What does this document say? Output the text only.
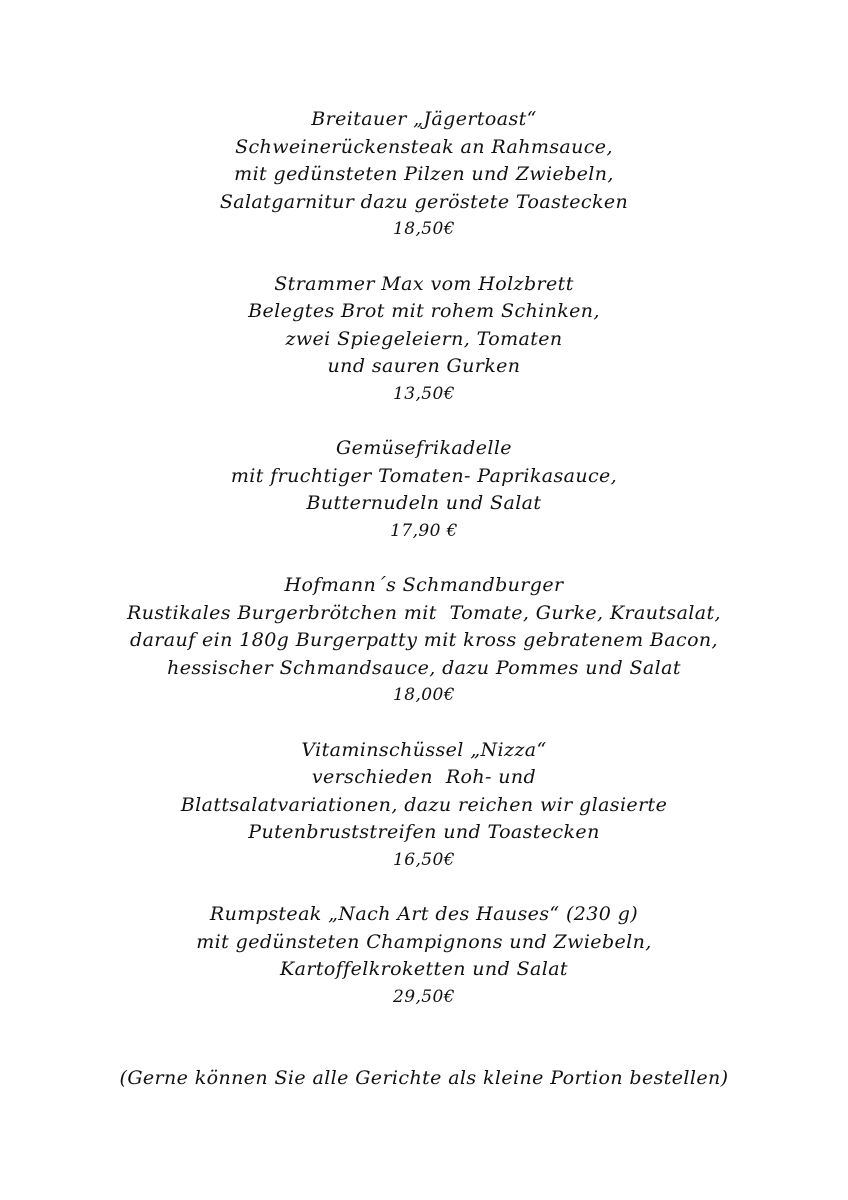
Breitauer „Jägertoast“
Schweinerückensteak an Rahmsauce,
mit gedünsteten Pilzen und Zwiebeln,
Salatgarnitur dazu geröstete Toastecken
18,50€
Strammer Max vom Holzbrett
Belegtes Brot mit rohem Schinken,
zwei Spiegeleiern, Tomaten
und sauren Gurken
13,50€
Gemüsefrikadelle
mit fruchtiger Tomaten- Paprikasauce,
Butternudeln und Salat
17,90 €
Hofmann´s Schmandburger
Rustikales Burgerbrötchen mit  Tomate, Gurke, Krautsalat,
darauf ein 180g Burgerpatty mit kross gebratenem Bacon,
hessischer Schmandsauce, dazu Pommes und Salat
18,00€
Vitaminschüssel „Nizza“
verschieden  Roh- und
Blattsalatvariationen, dazu reichen wir glasierte
Putenbruststreifen und Toastecken
16,50€
Rumpsteak „Nach Art des Hauses“ (230 g)
mit gedünsteten Champignons und Zwiebeln,
Kartoffelkroketten und Salat
29,50€
(Gerne können Sie alle Gerichte als kleine Portion bestellen)
